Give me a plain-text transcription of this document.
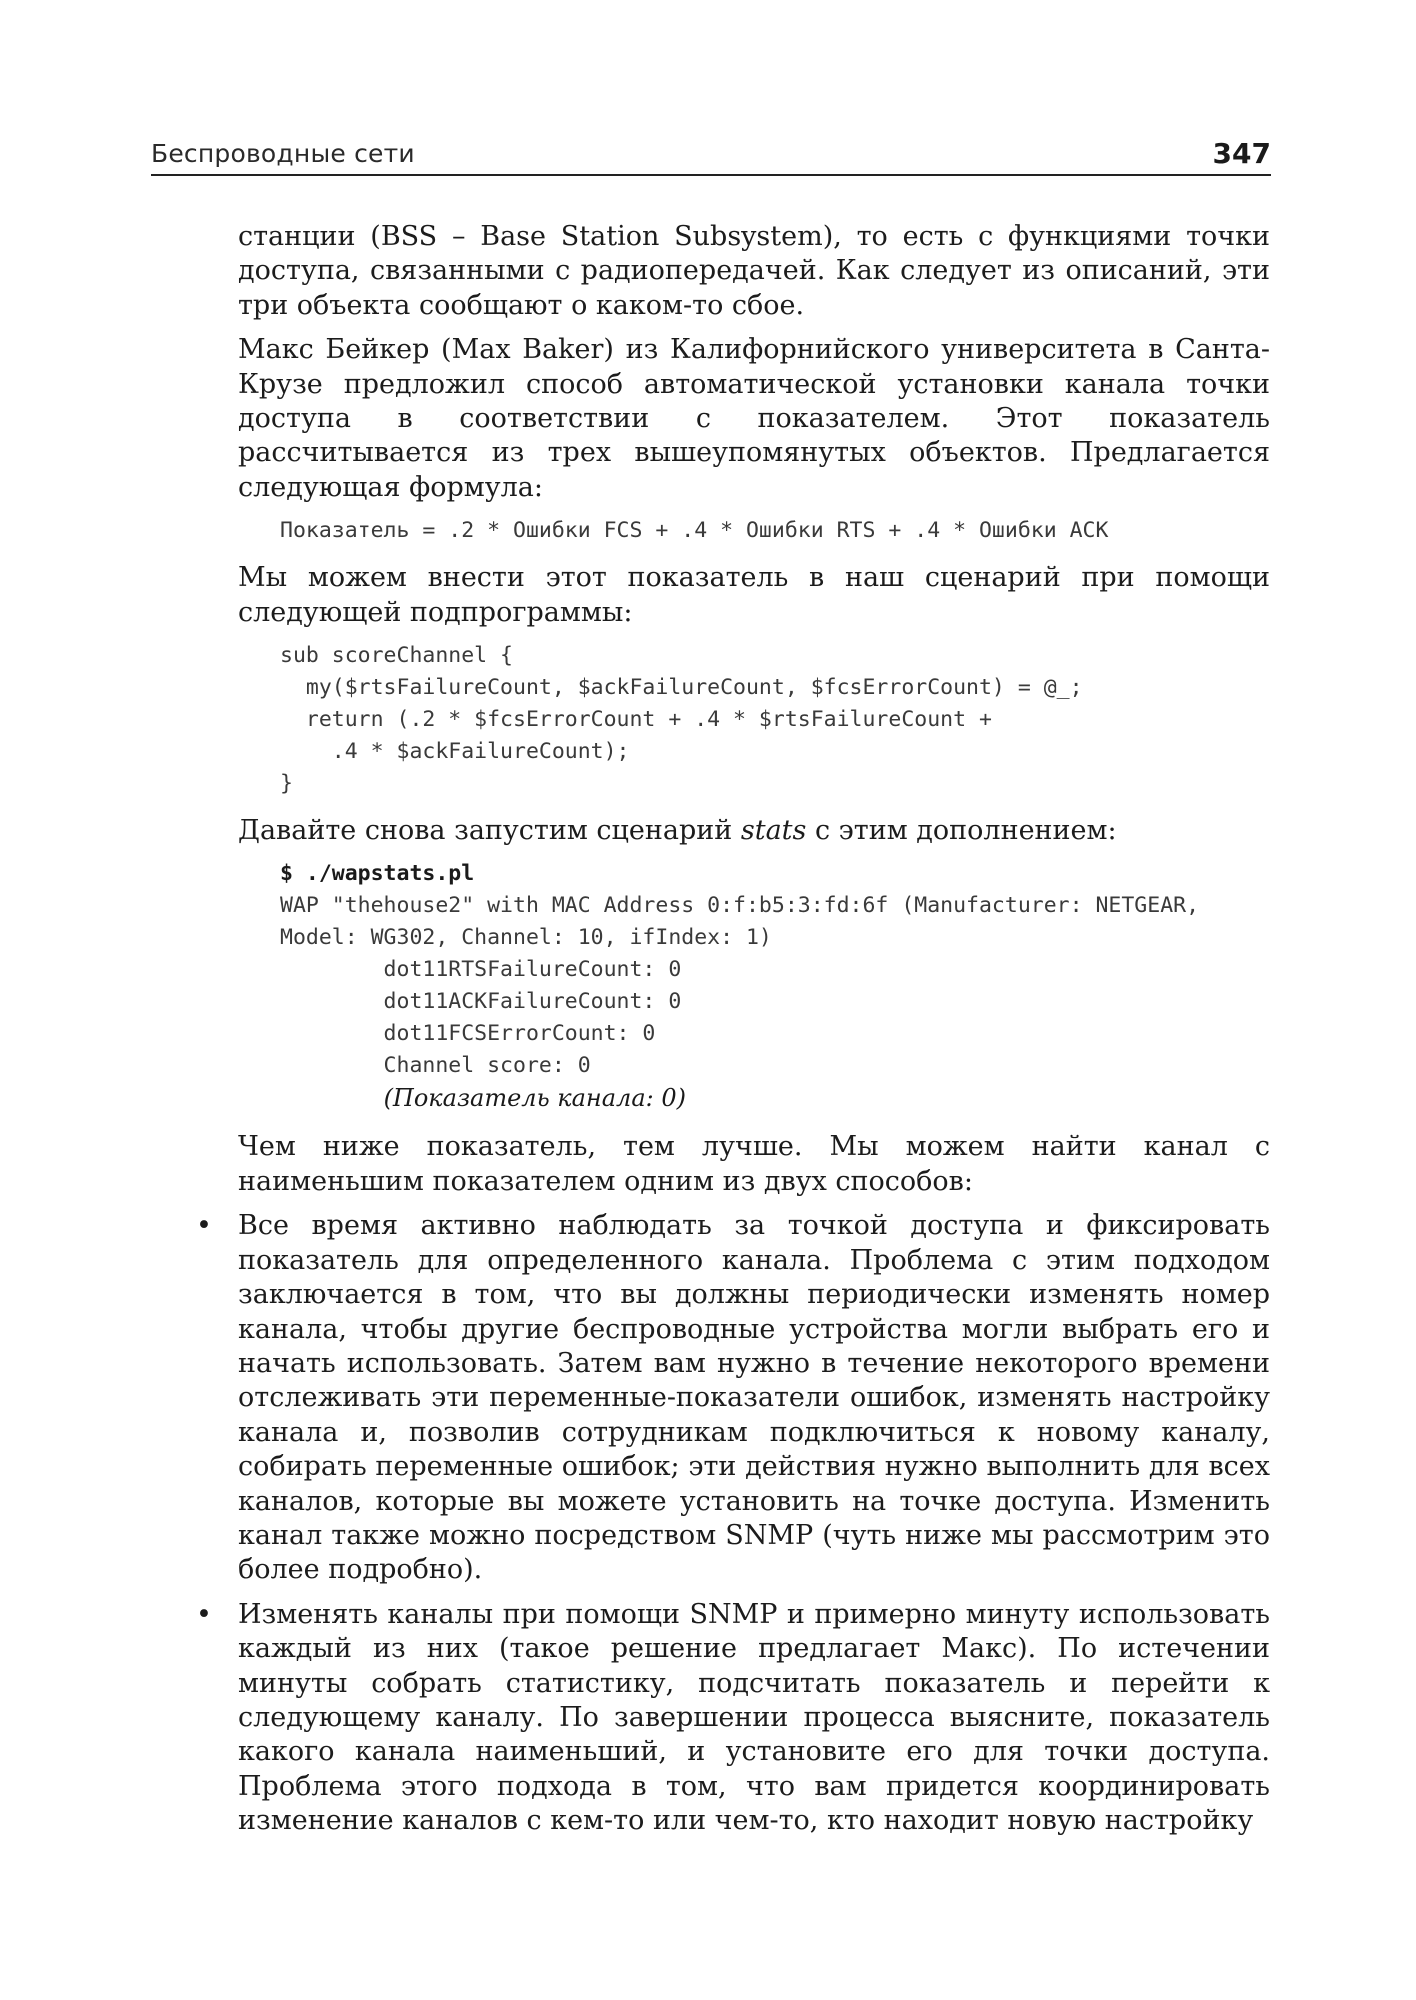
Беспроводные сети	347

станции (BSS – Base Station Subsystem), то есть с функциями точки доступа, связанными с радиопередачей. Как следует из описаний, эти три объекта сообщают о каком-то сбое.

Макс Бейкер (Max Baker) из Калифорнийского университета в Санта-Крузе предложил способ автоматической установки канала точки доступа в соответствии с показателем. Этот показатель рассчитывается из трех вышеупомянутых объектов. Предлагается следующая формула:

Показатель = .2 * Ошибки FCS + .4 * Ошибки RTS + .4 * Ошибки ACK

Мы можем внести этот показатель в наш сценарий при помощи следующей подпрограммы:

sub scoreChannel {
my($rtsFailureCount, $ackFailureCount, $fcsErrorCount) = @_;
return (.2 * $fcsErrorCount + .4 * $rtsFailureCount +
.4 * $ackFailureCount);
}

Давайте снова запустим сценарий stats с этим дополнением:

$ ./wapstats.pl
WAP "thehouse2" with MAC Address 0:f:b5:3:fd:6f (Manufacturer: NETGEAR,
Model: WG302, Channel: 10, ifIndex: 1)
dot11RTSFailureCount: 0
dot11ACKFailureCount: 0
dot11FCSErrorCount: 0
Channel score: 0
(Показатель канала: 0)

Чем ниже показатель, тем лучше. Мы можем найти канал с наименьшим показателем одним из двух способов:

• Все время активно наблюдать за точкой доступа и фиксировать показатель для определенного канала. Проблема с этим подходом заключается в том, что вы должны периодически изменять номер канала, чтобы другие беспроводные устройства могли выбрать его и начать использовать. Затем вам нужно в течение некоторого времени отслеживать эти переменные-показатели ошибок, изменять настройку канала и, позволив сотрудникам подключиться к новому каналу, собирать переменные ошибок; эти действия нужно выполнить для всех каналов, которые вы можете установить на точке доступа. Изменить канал также можно посредством SNMP (чуть ниже мы рассмотрим это более подробно).
• Изменять каналы при помощи SNMP и примерно минуту использовать каждый из них (такое решение предлагает Макс). По истечении минуты собрать статистику, подсчитать показатель и перейти к следующему каналу. По завершении процесса выясните, показатель какого канала наименьший, и установите его для точки доступа. Проблема этого подхода в том, что вам придется координировать изменение каналов с кем-то или чем-то, кто находит новую настройку
